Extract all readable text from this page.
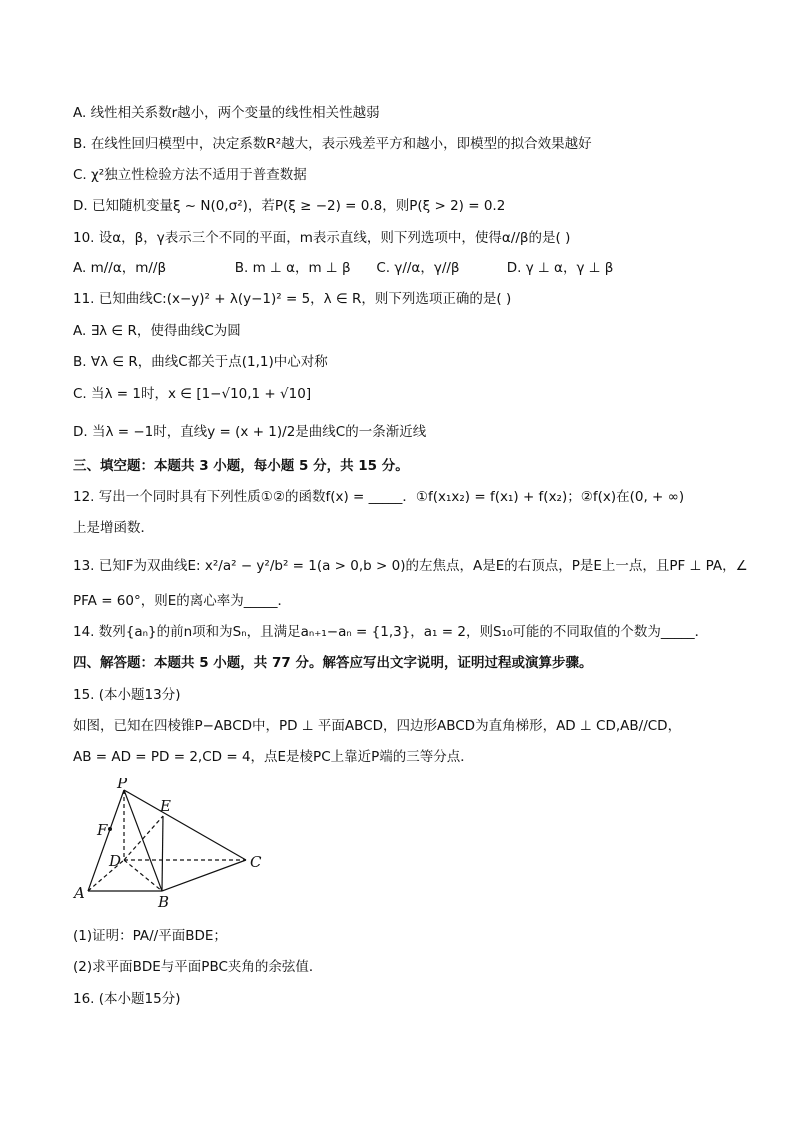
A. 线性相关系数r越小，两个变量的线性相关性越弱
B. 在线性回归模型中，决定系数R²越大，表示残差平方和越小，即模型的拟合效果越好
C. χ²独立性检验方法不适用于普查数据
D. 已知随机变量ξ ~ N(0,σ²)，若P(ξ ≥ −2) = 0.8，则P(ξ > 2) = 0.2
10. 设α，β，γ表示三个不同的平面，m表示直线，则下列选项中，使得α//β的是( )
A. m//α，m//β                B. m ⊥ α，m ⊥ β      C. γ//α，γ//β           D. γ ⊥ α，γ ⊥ β
11. 已知曲线C:(x−y)² + λ(y−1)² = 5，λ ∈ R，则下列选项正确的是( )
A. ∃λ ∈ R，使得曲线C为圆
B. ∀λ ∈ R，曲线C都关于点(1,1)中心对称
C. 当λ = 1时，x ∈ [1−√10,1 + √10]
D. 当λ = −1时，直线y = (x + 1)/2是曲线C的一条渐近线
三、填空题：本题共 3 小题，每小题 5 分，共 15 分。
12. 写出一个同时具有下列性质①②的函数f(x) = _____．①f(x₁x₂) = f(x₁) + f(x₂)；②f(x)在(0, + ∞)
上是增函数．
13. 已知F为双曲线E: x²/a² − y²/b² = 1(a > 0,b > 0)的左焦点，A是E的右顶点，P是E上一点，且PF ⊥ PA，∠
PFA = 60°，则E的离心率为_____．
14. 数列{aₙ}的前n项和为Sₙ，且满足aₙ₊₁−aₙ = {1,3}，a₁ = 2，则S₁₀可能的不同取值的个数为_____．
四、解答题：本题共 5 小题，共 77 分。解答应写出文字说明，证明过程或演算步骤。
15. (本小题13分)
如图，已知在四棱锥P−ABCD中，PD ⊥ 平面ABCD，四边形ABCD为直角梯形，AD ⊥ CD,AB//CD，
AB = AD = PD = 2,CD = 4，点E是棱PC上靠近P端的三等分点．
P
E
F
D	C
A	B
(1)证明：PA//平面BDE；
(2)求平面BDE与平面PBC夹角的余弦值．
16. (本小题15分)
